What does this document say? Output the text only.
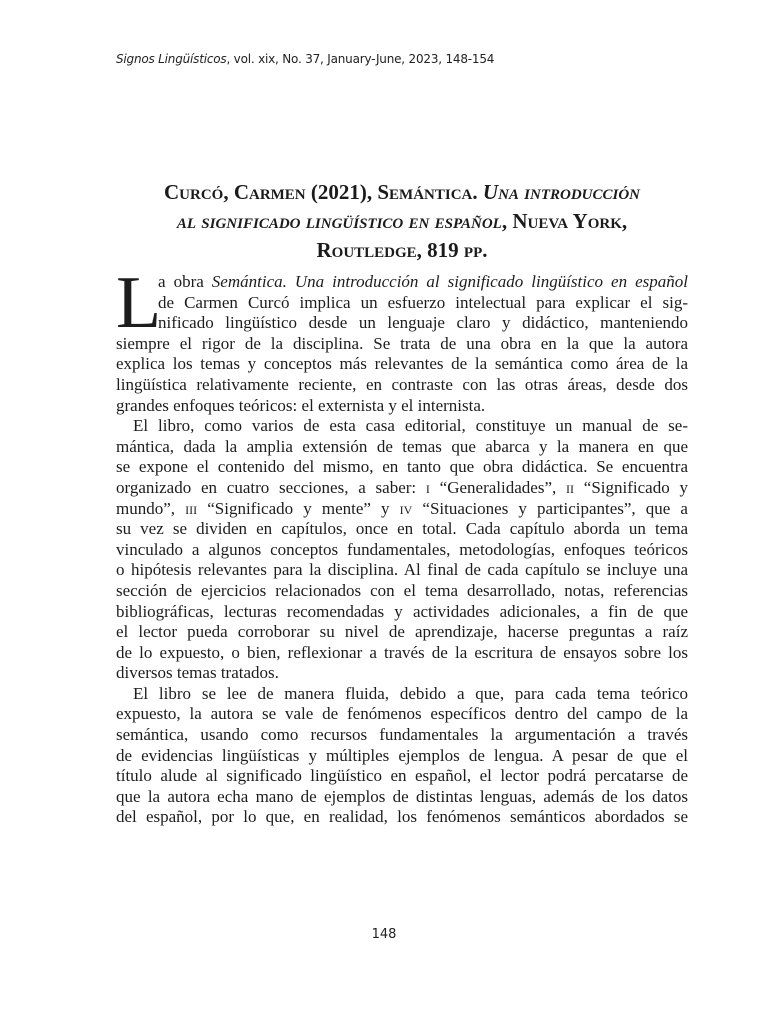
Signos Lingüísticos, vol. xix, No. 37, January-June, 2023, 148-154
Curcó, Carmen (2021), Semántica. Una introducción
al significado lingüístico en español, Nueva York,
Routledge, 819 pp.
L
a obra Semántica. Una introducción al significado lingüístico en español
de Carmen Curcó implica un esfuerzo intelectual para explicar el sig-
nificado lingüístico desde un lenguaje claro y didáctico, manteniendo
siempre el rigor de la disciplina. Se trata de una obra en la que la autora
explica los temas y conceptos más relevantes de la semántica como área de la
lingüística relativamente reciente, en contraste con las otras áreas, desde dos
grandes enfoques teóricos: el externista y el internista.
El libro, como varios de esta casa editorial, constituye un manual de se-
mántica, dada la amplia extensión de temas que abarca y la manera en que
se expone el contenido del mismo, en tanto que obra didáctica. Se encuentra
organizado en cuatro secciones, a saber: i “Generalidades”, ii “Significado y
mundo”, iii “Significado y mente” y iv “Situaciones y participantes”, que a
su vez se dividen en capítulos, once en total. Cada capítulo aborda un tema
vinculado a algunos conceptos fundamentales, metodologías, enfoques teóricos
o hipótesis relevantes para la disciplina. Al final de cada capítulo se incluye una
sección de ejercicios relacionados con el tema desarrollado, notas, referencias
bibliográficas, lecturas recomendadas y actividades adicionales, a fin de que
el lector pueda corroborar su nivel de aprendizaje, hacerse preguntas a raíz
de lo expuesto, o bien, reflexionar a través de la escritura de ensayos sobre los
diversos temas tratados.
El libro se lee de manera fluida, debido a que, para cada tema teórico
expuesto, la autora se vale de fenómenos específicos dentro del campo de la
semántica, usando como recursos fundamentales la argumentación a través
de evidencias lingüísticas y múltiples ejemplos de lengua. A pesar de que el
título alude al significado lingüístico en español, el lector podrá percatarse de
que la autora echa mano de ejemplos de distintas lenguas, además de los datos
del español, por lo que, en realidad, los fenómenos semánticos abordados se
148
